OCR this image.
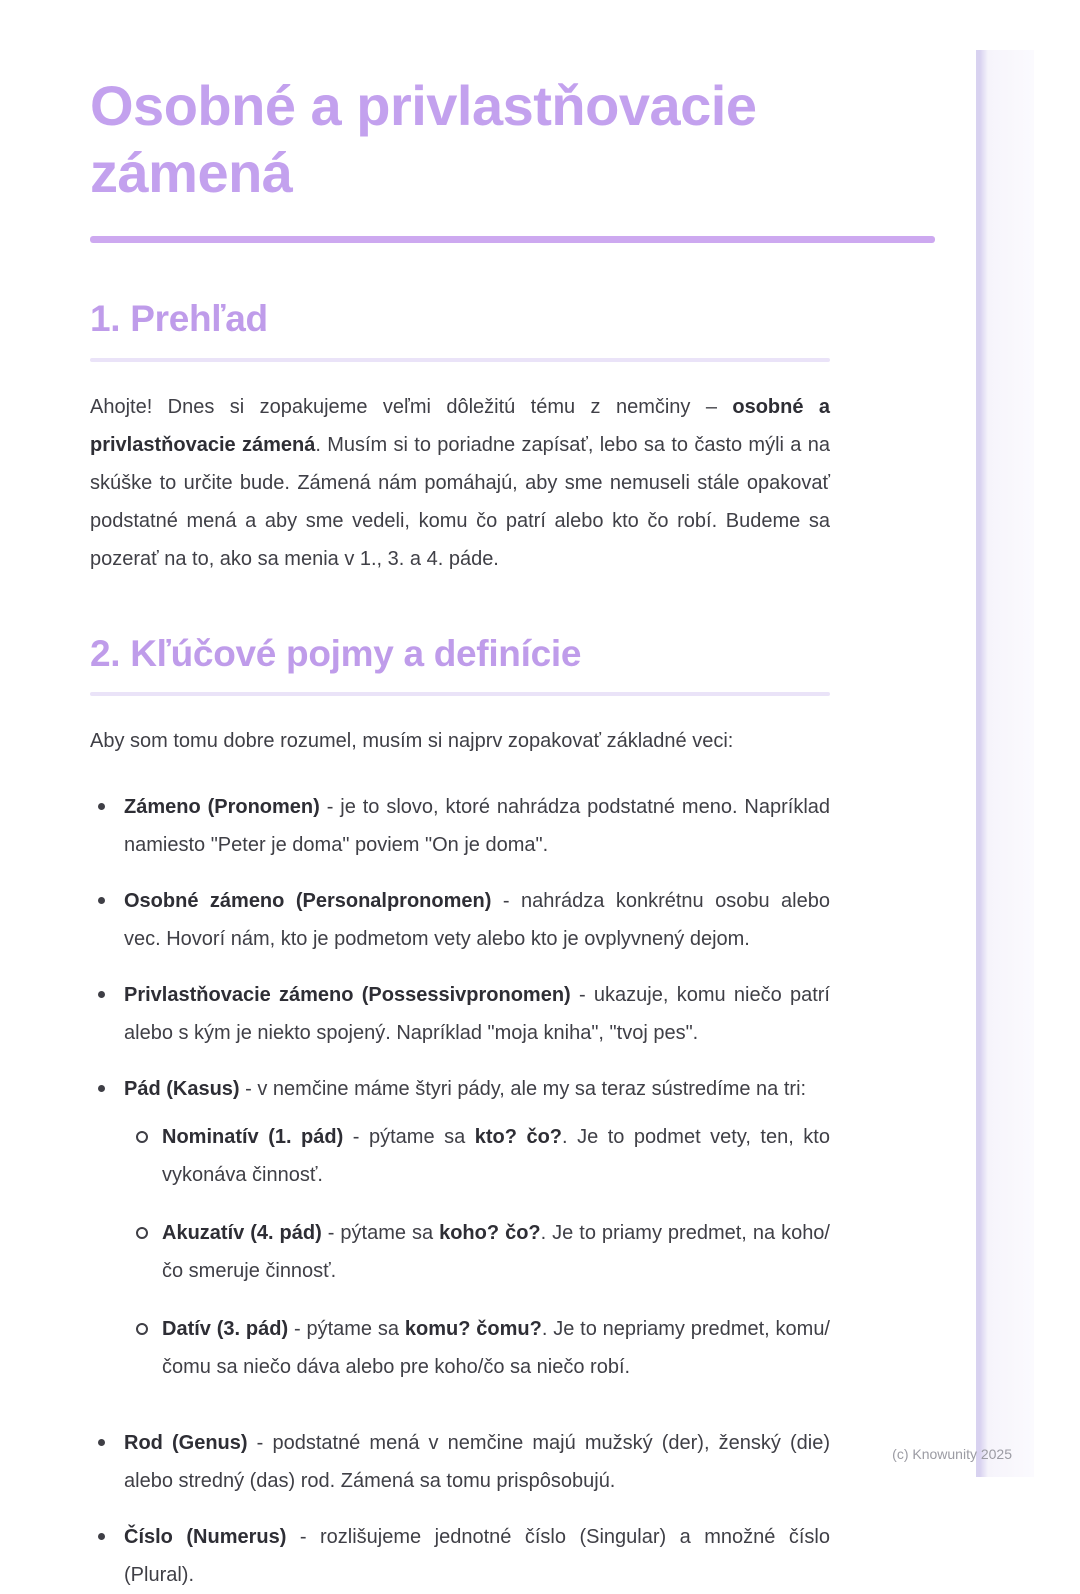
Osobné a privlastňovacie zámená
1. Prehľad

Ahojte! Dnes si zopakujeme veľmi dôležitú tému z nemčiny – osobné a privlastňovacie zámená. Musím si to poriadne zapísať, lebo sa to často mýli a na skúške to určite bude. Zámená nám pomáhajú, aby sme nemuseli stále opakovať podstatné mená a aby sme vedeli, komu čo patrí alebo kto čo robí. Budeme sa pozerať na to, ako sa menia v 1., 3. a 4. páde.

2. Kľúčové pojmy a definície

Aby som tomu dobre rozumel, musím si najprv zopakovať základné veci:

Zámeno (Pronomen) - je to slovo, ktoré nahrádza podstatné meno. Napríklad namiesto "Peter je doma" poviem "On je doma".

Osobné zámeno (Personalpronomen) - nahrádza konkrétnu osobu alebo vec. Hovorí nám, kto je podmetom vety alebo kto je ovplyvnený dejom.

Privlastňovacie zámeno (Possessivpronomen) - ukazuje, komu niečo patrí alebo s kým je niekto spojený. Napríklad "moja kniha", "tvoj pes".

Pád (Kasus) - v nemčine máme štyri pády, ale my sa teraz sústredíme na tri:

Nominatív (1. pád) - pýtame sa kto? čo?. Je to podmet vety, ten, kto vykonáva činnosť.

Akuzatív (4. pád) - pýtame sa koho? čo?. Je to priamy predmet, na koho/čo smeruje činnosť.

Datív (3. pád) - pýtame sa komu? čomu?. Je to nepriamy predmet, komu/čomu sa niečo dáva alebo pre koho/čo sa niečo robí.

Rod (Genus) - podstatné mená v nemčine majú mužský (der), ženský (die) alebo stredný (das) rod. Zámená sa tomu prispôsobujú.

Číslo (Numerus) - rozlišujeme jednotné číslo (Singular) a množné číslo (Plural).

(c) Knowunity 2025
